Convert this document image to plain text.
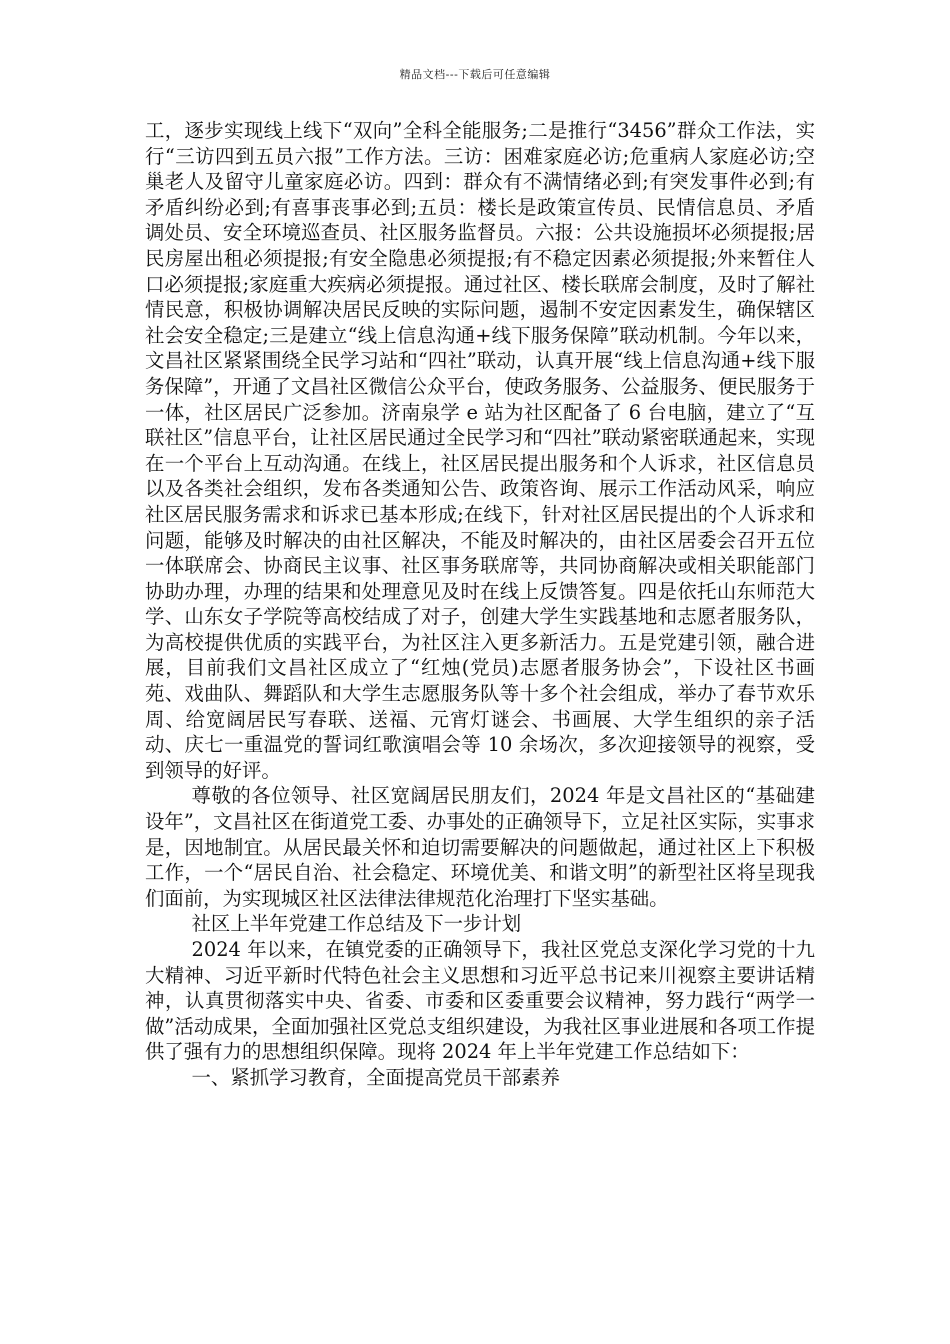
精品文档---下载后可任意编辑

工，逐步实现线上线下“双向”全科全能服务;二是推行“3456”群众工作法，实行“三访四到五员六报”工作方法。三访：困难家庭必访;危重病人家庭必访;空巢老人及留守儿童家庭必访。四到：群众有不满情绪必到;有突发事件必到;有矛盾纠纷必到;有喜事丧事必到;五员：楼长是政策宣传员、民情信息员、矛盾调处员、安全环境巡查员、社区服务监督员。六报：公共设施损坏必须提报;居民房屋出租必须提报;有安全隐患必须提报;有不稳定因素必须提报;外来暂住人口必须提报;家庭重大疾病必须提报。通过社区、楼长联席会制度，及时了解社情民意，积极协调解决居民反映的实际问题，遏制不安定因素发生，确保辖区社会安全稳定;三是建立“线上信息沟通+线下服务保障”联动机制。今年以来，文昌社区紧紧围绕全民学习站和“四社”联动，认真开展“线上信息沟通+线下服务保障”，开通了文昌社区微信公众平台，使政务服务、公益服务、便民服务于一体，社区居民广泛参加。济南泉学 e 站为社区配备了 6 台电脑，建立了“互联社区”信息平台，让社区居民通过全民学习和“四社”联动紧密联通起来，实现在一个平台上互动沟通。在线上，社区居民提出服务和个人诉求，社区信息员以及各类社会组织，发布各类通知公告、政策咨询、展示工作活动风采，响应社区居民服务需求和诉求已基本形成;在线下，针对社区居民提出的个人诉求和问题，能够及时解决的由社区解决，不能及时解决的，由社区居委会召开五位一体联席会、协商民主议事、社区事务联席等，共同协商解决或相关职能部门协助办理，办理的结果和处理意见及时在线上反馈答复。四是依托山东师范大学、山东女子学院等高校结成了对子，创建大学生实践基地和志愿者服务队，为高校提供优质的实践平台，为社区注入更多新活力。五是党建引领，融合进展，目前我们文昌社区成立了“红烛(党员)志愿者服务协会”，下设社区书画苑、戏曲队、舞蹈队和大学生志愿服务队等十多个社会组成，举办了春节欢乐周、给宽阔居民写春联、送福、元宵灯谜会、书画展、大学生组织的亲子活动、庆七一重温党的誓词红歌演唱会等 10 余场次，多次迎接领导的视察，受到领导的好评。

尊敬的各位领导、社区宽阔居民朋友们，2024 年是文昌社区的“基础建设年”，文昌社区在街道党工委、办事处的正确领导下，立足社区实际，实事求是，因地制宜。从居民最关怀和迫切需要解决的问题做起，通过社区上下积极工作，一个“居民自治、社会稳定、环境优美、和谐文明”的新型社区将呈现我们面前，为实现城区社区法律法律规范化治理打下坚实基础。

社区上半年党建工作总结及下一步计划

2024 年以来，在镇党委的正确领导下，我社区党总支深化学习党的十九大精神、习近平新时代特色社会主义思想和习近平总书记来川视察主要讲话精神，认真贯彻落实中央、省委、市委和区委重要会议精神，努力践行“两学一做”活动成果，全面加强社区党总支组织建设，为我社区事业进展和各项工作提供了强有力的思想组织保障。现将 2024 年上半年党建工作总结如下：

一、紧抓学习教育，全面提高党员干部素养
